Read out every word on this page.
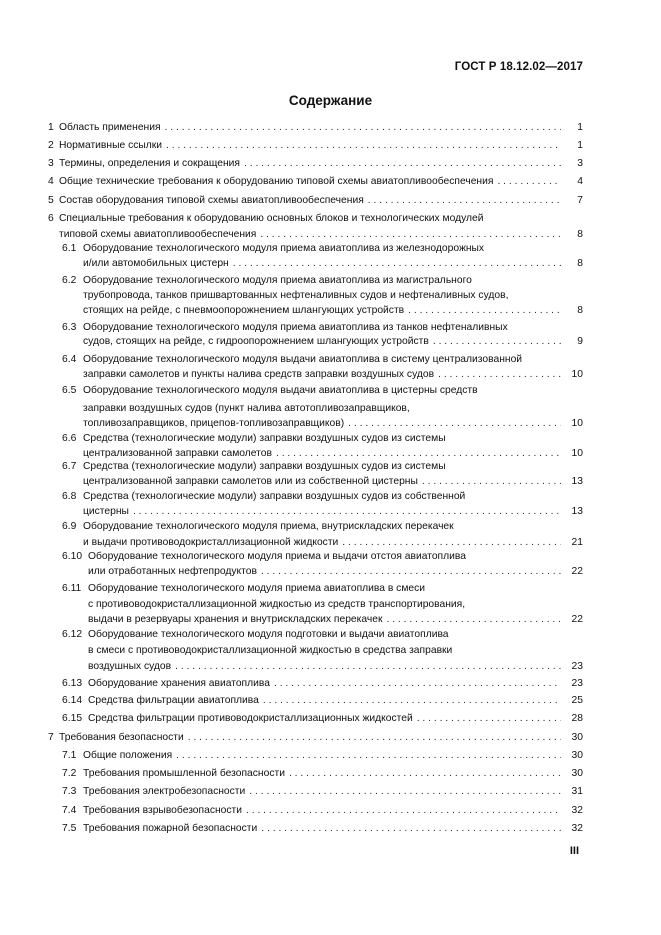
ГОСТ Р 18.12.02—2017
Содержание
1 Область применения . . .	1
2 Нормативные ссылки . . .	1
3 Термины, определения и сокращения . . .	3
4 Общие технические требования к оборудованию типовой схемы авиатопливообеспечения . . .	4
5 Состав оборудования типовой схемы авиатопливообеспечения . . .	7
6 Специальные требования к оборудованию основных блоков и технологических модулей
типовой схемы авиатопливообеспечения . . .	8
6.1 Оборудование технологического модуля приема авиатоплива из железнодорожных
и/или автомобильных цистерн . . .	8
6.2 Оборудование технологического модуля приема авиатоплива из магистрального
трубопровода, танков пришвартованных нефтеналивных судов и нефтеналивных судов,
стоящих на рейде, с пневмоопорожнением шлангующих устройств . . .	8
6.3 Оборудование технологического модуля приема авиатоплива из танков нефтеналивных
судов, стоящих на рейде, с гидроопорожнением шлангующих устройств . . .	9
6.4 Оборудование технологического модуля выдачи авиатоплива в систему централизованной
заправки самолетов и пункты налива средств заправки воздушных судов . . .	10
6.5 Оборудование технологического модуля выдачи авиатоплива в цистерны средств
заправки воздушных судов (пункт налива автотопливозаправщиков,
топливозаправщиков, прицепов-топливозаправщиков) . . .	10
6.6 Средства (технологические модули) заправки воздушных судов из системы
централизованной заправки самолетов . . .	10
6.7 Средства (технологические модули) заправки воздушных судов из системы
централизованной заправки самолетов или из собственной цистерны . . .	13
6.8 Средства (технологические модули) заправки воздушных судов из собственной
цистерны . . .	13
6.9 Оборудование технологического модуля приема, внутрискладских перекачек
и выдачи противоводокристаллизационной жидкости . . .	21
6.10 Оборудование технологического модуля приема и выдачи отстоя авиатоплива
или отработанных нефтепродуктов . . .	22
6.11 Оборудование технологического модуля приема авиатоплива в смеси
с противоводокристаллизационной жидкостью из средств транспортирования,
выдачи в резервуары хранения и внутрискладских перекачек . . .	22
6.12 Оборудование технологического модуля подготовки и выдачи авиатоплива
в смеси с противоводокристаллизационной жидкостью в средства заправки
воздушных судов . . .	23
6.13 Оборудование хранения авиатоплива . . .	23
6.14 Средства фильтрации авиатоплива . . .	25
6.15 Средства фильтрации противоводокристаллизационных жидкостей . . .	28
7 Требования безопасности . . .	30
7.1 Общие положения . . .	30
7.2 Требования промышленной безопасности . . .	30
7.3 Требования электробезопасности . . .	31
7.4 Требования взрывобезопасности . . .	32
7.5 Требования пожарной безопасности . . .	32
III
